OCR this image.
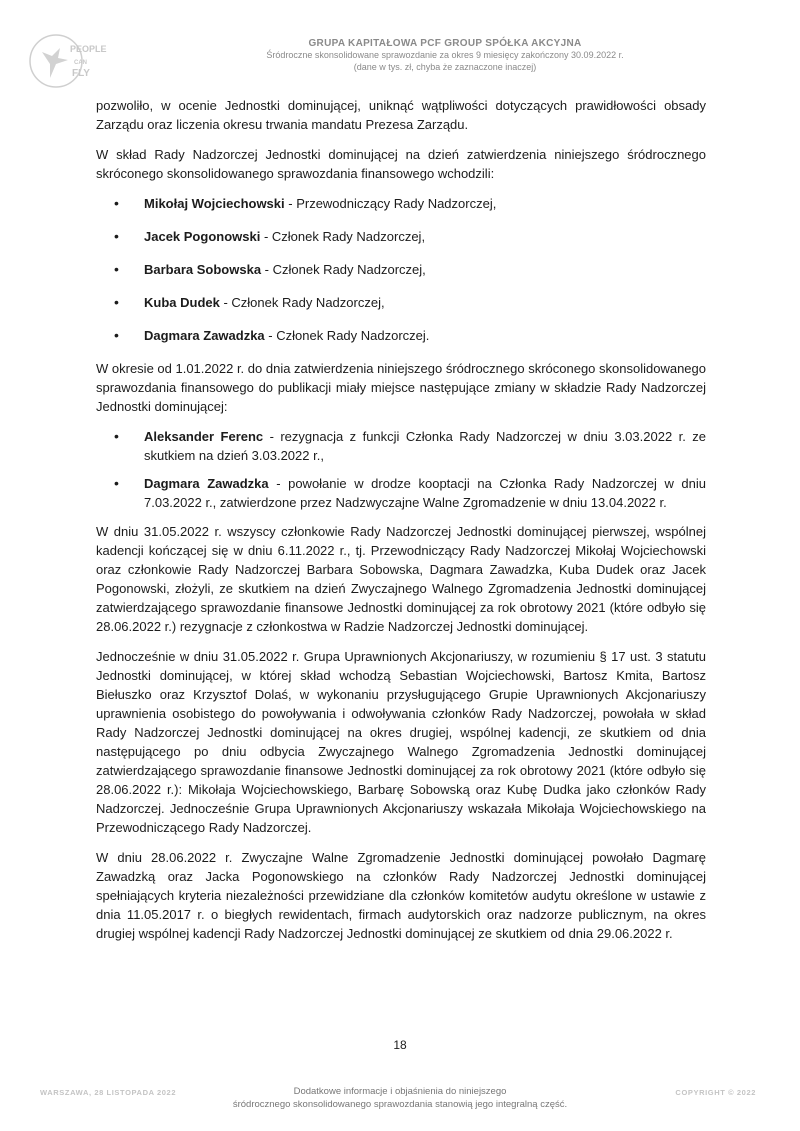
PEOPLE
CAN
FLY
GRUPA KAPITAŁOWA PCF GROUP SPÓŁKA AKCYJNA
Śródroczne skonsolidowane sprawozdanie za okres 9 miesięcy zakończony 30.09.2022 r.
(dane w tys. zł, chyba że zaznaczone inaczej)

pozwoliło, w ocenie Jednostki dominującej, uniknąć wątpliwości dotyczących prawidłowości obsady Zarządu oraz liczenia okresu trwania mandatu Prezesa Zarządu.

W skład Rady Nadzorczej Jednostki dominującej na dzień zatwierdzenia niniejszego śródrocznego skróconego skonsolidowanego sprawozdania finansowego wchodzili:

• Mikołaj Wojciechowski - Przewodniczący Rady Nadzorczej,
• Jacek Pogonowski - Członek Rady Nadzorczej,
• Barbara Sobowska - Członek Rady Nadzorczej,
• Kuba Dudek - Członek Rady Nadzorczej,
• Dagmara Zawadzka - Członek Rady Nadzorczej.

W okresie od 1.01.2022 r. do dnia zatwierdzenia niniejszego śródrocznego skróconego skonsolidowanego sprawozdania finansowego do publikacji miały miejsce następujące zmiany w składzie Rady Nadzorczej Jednostki dominującej:

• Aleksander Ferenc - rezygnacja z funkcji Członka Rady Nadzorczej w dniu 3.03.2022 r. ze skutkiem na dzień 3.03.2022 r.,
• Dagmara Zawadzka - powołanie w drodze kooptacji na Członka Rady Nadzorczej w dniu 7.03.2022 r., zatwierdzone przez Nadzwyczajne Walne Zgromadzenie w dniu 13.04.2022 r.

W dniu 31.05.2022 r. wszyscy członkowie Rady Nadzorczej Jednostki dominującej pierwszej, wspólnej kadencji kończącej się w dniu 6.11.2022 r., tj. Przewodniczący Rady Nadzorczej Mikołaj Wojciechowski oraz członkowie Rady Nadzorczej Barbara Sobowska, Dagmara Zawadzka, Kuba Dudek oraz Jacek Pogonowski, złożyli, ze skutkiem na dzień Zwyczajnego Walnego Zgromadzenia Jednostki dominującej zatwierdzającego sprawozdanie finansowe Jednostki dominującej za rok obrotowy 2021 (które odbyło się 28.06.2022 r.) rezygnacje z członkostwa w Radzie Nadzorczej Jednostki dominującej.

Jednocześnie w dniu 31.05.2022 r. Grupa Uprawnionych Akcjonariuszy, w rozumieniu § 17 ust. 3 statutu Jednostki dominującej, w której skład wchodzą Sebastian Wojciechowski, Bartosz Kmita, Bartosz Biełuszko oraz Krzysztof Dolaś, w wykonaniu przysługującego Grupie Uprawnionych Akcjonariuszy uprawnienia osobistego do powoływania i odwoływania członków Rady Nadzorczej, powołała w skład Rady Nadzorczej Jednostki dominującej na okres drugiej, wspólnej kadencji, ze skutkiem od dnia następującego po dniu odbycia Zwyczajnego Walnego Zgromadzenia Jednostki dominującej zatwierdzającego sprawozdanie finansowe Jednostki dominującej za rok obrotowy 2021 (które odbyło się 28.06.2022 r.): Mikołaja Wojciechowskiego, Barbarę Sobowską oraz Kubę Dudka jako członków Rady Nadzorczej. Jednocześnie Grupa Uprawnionych Akcjonariuszy wskazała Mikołaja Wojciechowskiego na Przewodniczącego Rady Nadzorczej.

W dniu 28.06.2022 r. Zwyczajne Walne Zgromadzenie Jednostki dominującej powołało Dagmarę Zawadzką oraz Jacka Pogonowskiego na członków Rady Nadzorczej Jednostki dominującej spełniających kryteria niezależności przewidziane dla członków komitetów audytu określone w ustawie z dnia 11.05.2017 r. o biegłych rewidentach, firmach audytorskich oraz nadzorze publicznym, na okres drugiej wspólnej kadencji Rady Nadzorczej Jednostki dominującej ze skutkiem od dnia 29.06.2022 r.

18
WARSZAWA, 28 LISTOPADA 2022	Dodatkowe informacje i objaśnienia do niniejszego
śródrocznego skonsolidowanego sprawozdania stanowią jego integralną część.
COPYRIGHT © 2022
